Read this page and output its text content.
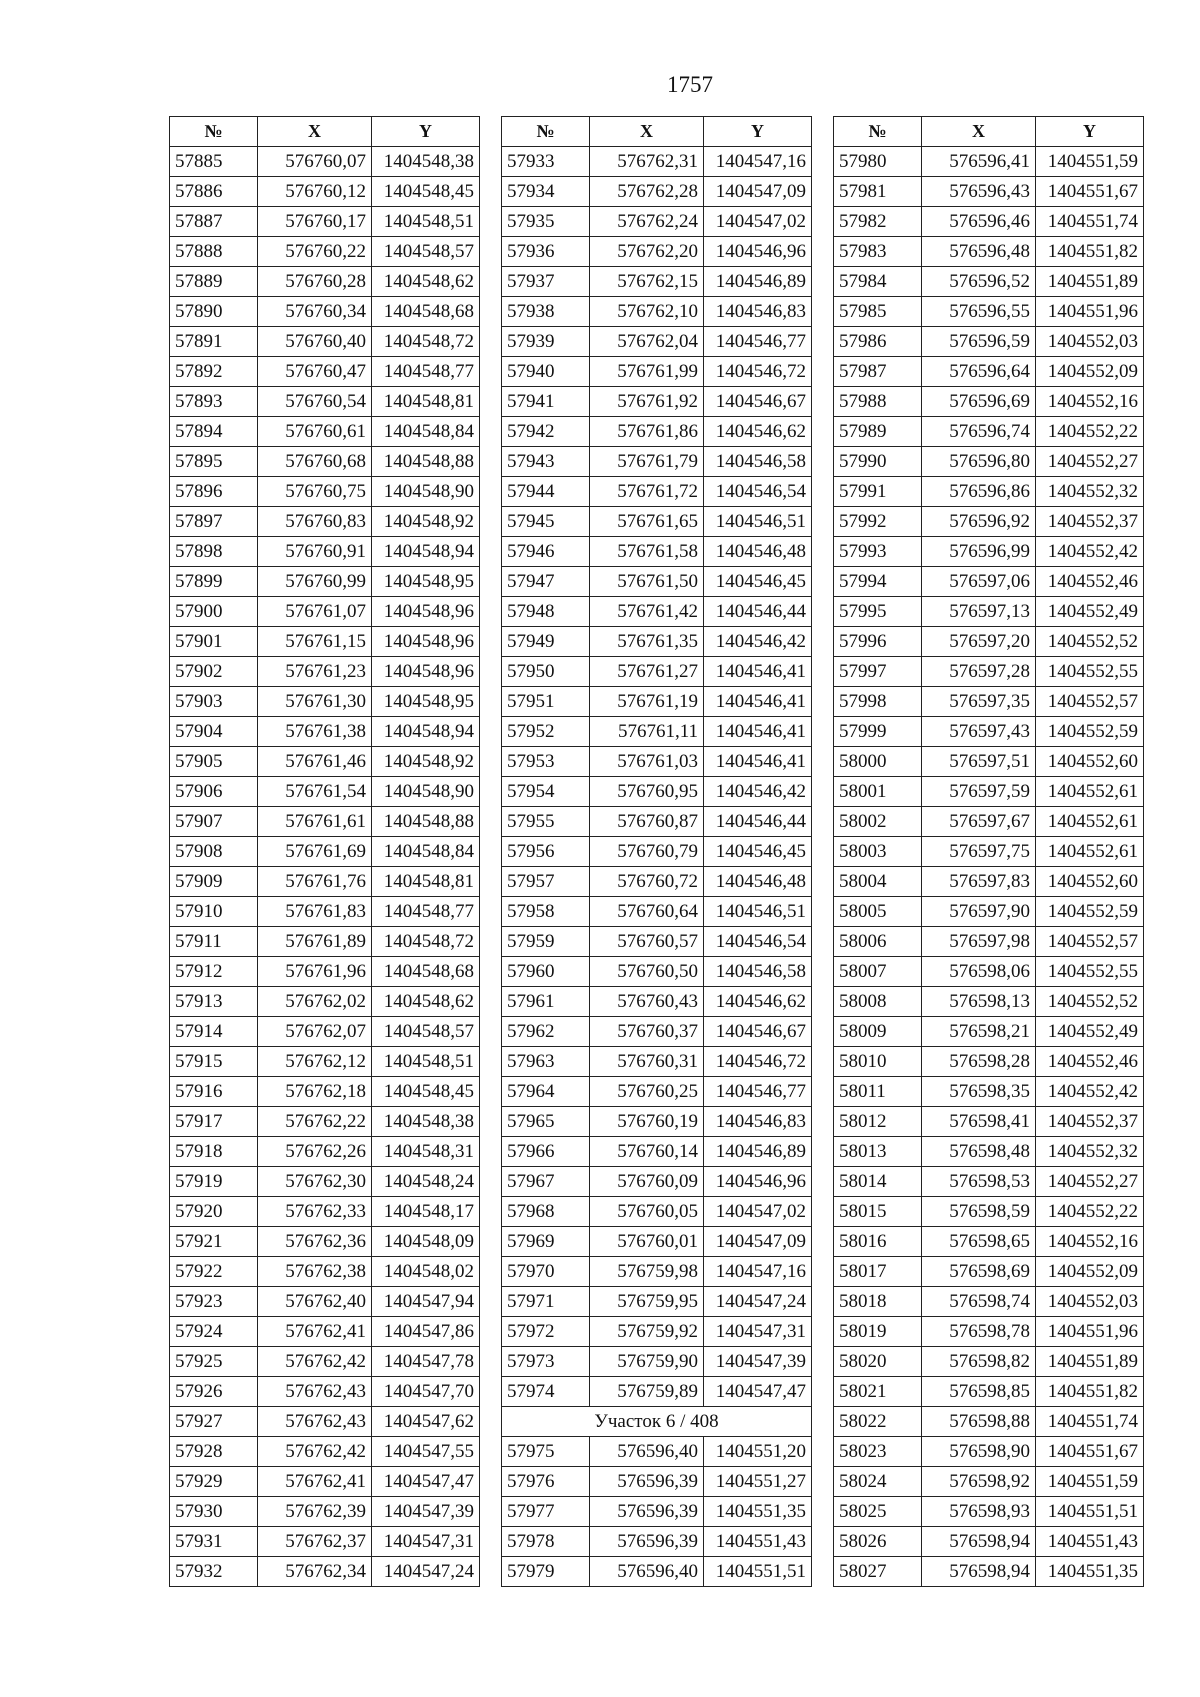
1757
№	X	Y
57885	576760,07	1404548,38
57886	576760,12	1404548,45
57887	576760,17	1404548,51
57888	576760,22	1404548,57
57889	576760,28	1404548,62
57890	576760,34	1404548,68
57891	576760,40	1404548,72
57892	576760,47	1404548,77
57893	576760,54	1404548,81
57894	576760,61	1404548,84
57895	576760,68	1404548,88
57896	576760,75	1404548,90
57897	576760,83	1404548,92
57898	576760,91	1404548,94
57899	576760,99	1404548,95
57900	576761,07	1404548,96
57901	576761,15	1404548,96
57902	576761,23	1404548,96
57903	576761,30	1404548,95
57904	576761,38	1404548,94
57905	576761,46	1404548,92
57906	576761,54	1404548,90
57907	576761,61	1404548,88
57908	576761,69	1404548,84
57909	576761,76	1404548,81
57910	576761,83	1404548,77
57911	576761,89	1404548,72
57912	576761,96	1404548,68
57913	576762,02	1404548,62
57914	576762,07	1404548,57
57915	576762,12	1404548,51
57916	576762,18	1404548,45
57917	576762,22	1404548,38
57918	576762,26	1404548,31
57919	576762,30	1404548,24
57920	576762,33	1404548,17
57921	576762,36	1404548,09
57922	576762,38	1404548,02
57923	576762,40	1404547,94
57924	576762,41	1404547,86
57925	576762,42	1404547,78
57926	576762,43	1404547,70
57927	576762,43	1404547,62
57928	576762,42	1404547,55
57929	576762,41	1404547,47
57930	576762,39	1404547,39
57931	576762,37	1404547,31
57932	576762,34	1404547,24
№	X	Y
57933	576762,31	1404547,16
57934	576762,28	1404547,09
57935	576762,24	1404547,02
57936	576762,20	1404546,96
57937	576762,15	1404546,89
57938	576762,10	1404546,83
57939	576762,04	1404546,77
57940	576761,99	1404546,72
57941	576761,92	1404546,67
57942	576761,86	1404546,62
57943	576761,79	1404546,58
57944	576761,72	1404546,54
57945	576761,65	1404546,51
57946	576761,58	1404546,48
57947	576761,50	1404546,45
57948	576761,42	1404546,44
57949	576761,35	1404546,42
57950	576761,27	1404546,41
57951	576761,19	1404546,41
57952	576761,11	1404546,41
57953	576761,03	1404546,41
57954	576760,95	1404546,42
57955	576760,87	1404546,44
57956	576760,79	1404546,45
57957	576760,72	1404546,48
57958	576760,64	1404546,51
57959	576760,57	1404546,54
57960	576760,50	1404546,58
57961	576760,43	1404546,62
57962	576760,37	1404546,67
57963	576760,31	1404546,72
57964	576760,25	1404546,77
57965	576760,19	1404546,83
57966	576760,14	1404546,89
57967	576760,09	1404546,96
57968	576760,05	1404547,02
57969	576760,01	1404547,09
57970	576759,98	1404547,16
57971	576759,95	1404547,24
57972	576759,92	1404547,31
57973	576759,90	1404547,39
57974	576759,89	1404547,47
Участок 6 / 408		
57975	576596,40	1404551,20
57976	576596,39	1404551,27
57977	576596,39	1404551,35
57978	576596,39	1404551,43
57979	576596,40	1404551,51
№	X	Y
57980	576596,41	1404551,59
57981	576596,43	1404551,67
57982	576596,46	1404551,74
57983	576596,48	1404551,82
57984	576596,52	1404551,89
57985	576596,55	1404551,96
57986	576596,59	1404552,03
57987	576596,64	1404552,09
57988	576596,69	1404552,16
57989	576596,74	1404552,22
57990	576596,80	1404552,27
57991	576596,86	1404552,32
57992	576596,92	1404552,37
57993	576596,99	1404552,42
57994	576597,06	1404552,46
57995	576597,13	1404552,49
57996	576597,20	1404552,52
57997	576597,28	1404552,55
57998	576597,35	1404552,57
57999	576597,43	1404552,59
58000	576597,51	1404552,60
58001	576597,59	1404552,61
58002	576597,67	1404552,61
58003	576597,75	1404552,61
58004	576597,83	1404552,60
58005	576597,90	1404552,59
58006	576597,98	1404552,57
58007	576598,06	1404552,55
58008	576598,13	1404552,52
58009	576598,21	1404552,49
58010	576598,28	1404552,46
58011	576598,35	1404552,42
58012	576598,41	1404552,37
58013	576598,48	1404552,32
58014	576598,53	1404552,27
58015	576598,59	1404552,22
58016	576598,65	1404552,16
58017	576598,69	1404552,09
58018	576598,74	1404552,03
58019	576598,78	1404551,96
58020	576598,82	1404551,89
58021	576598,85	1404551,82
58022	576598,88	1404551,74
58023	576598,90	1404551,67
58024	576598,92	1404551,59
58025	576598,93	1404551,51
58026	576598,94	1404551,43
58027	576598,94	1404551,35
